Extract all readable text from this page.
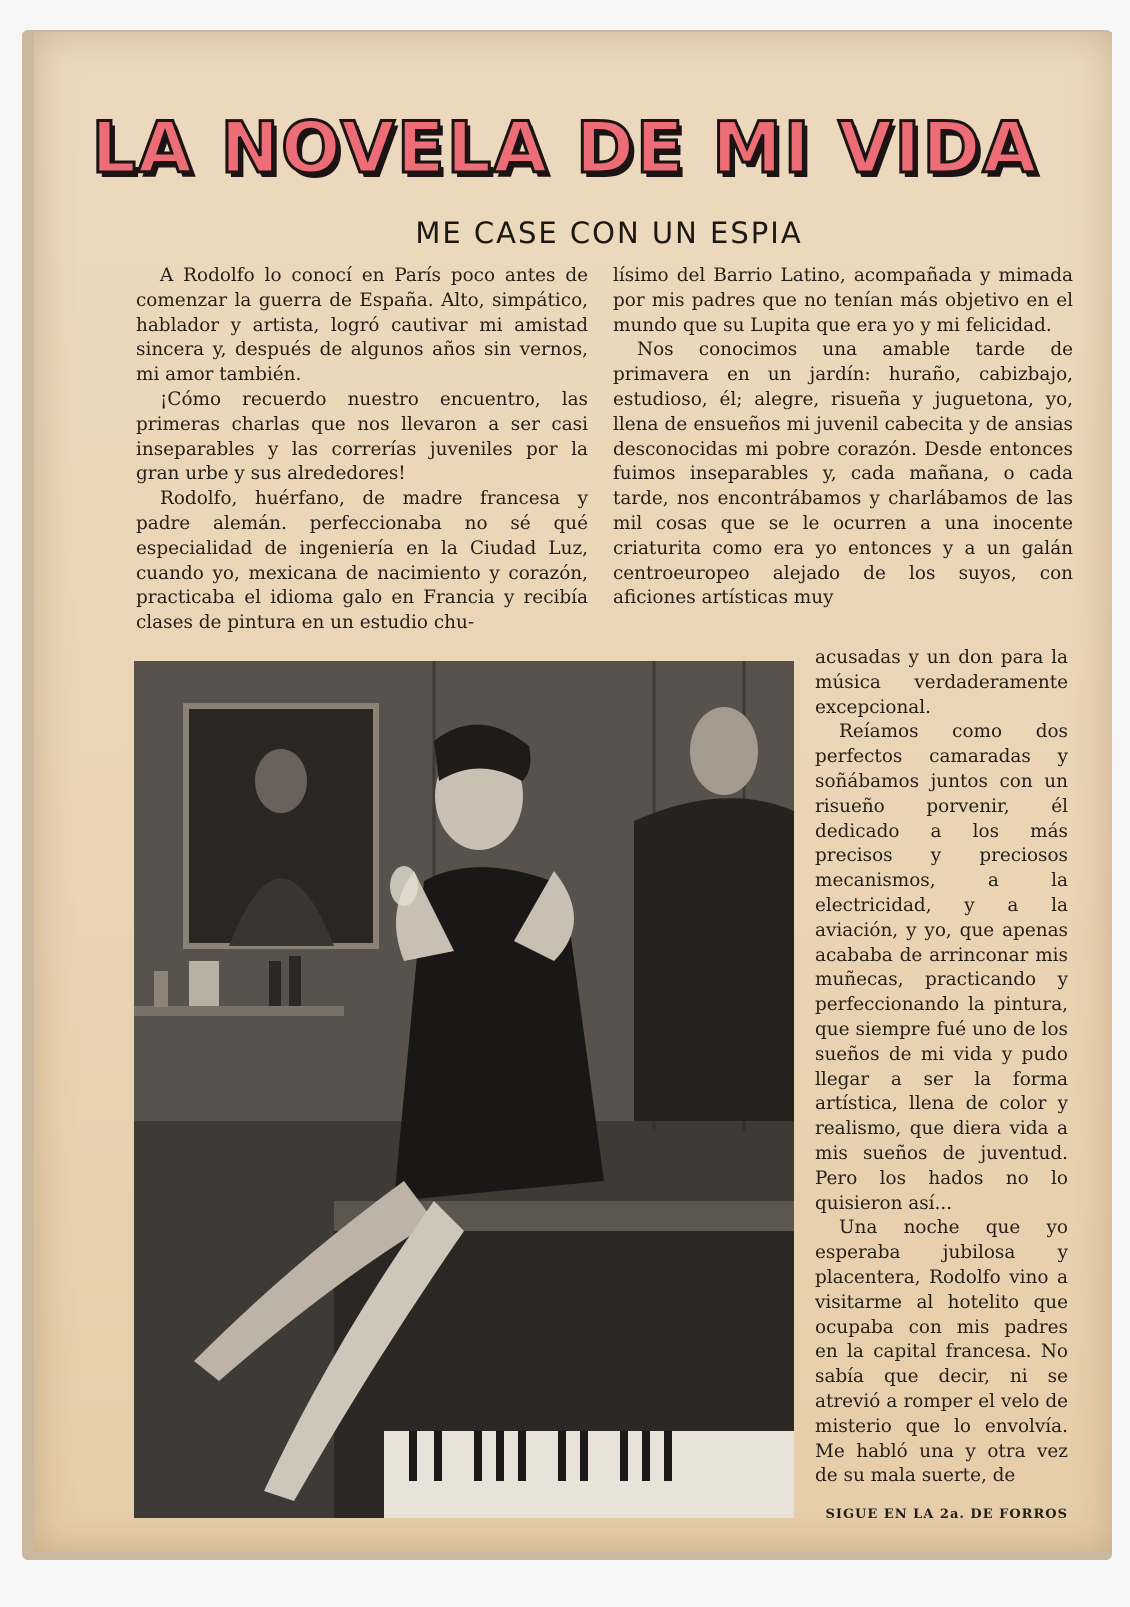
LA NOVELA DE MI VIDA
ME CASE CON UN ESPIA

A Rodolfo lo conocí en París poco antes de comenzar la guerra de España. Alto, simpático, hablador y artista, logró cautivar mi amistad sincera y, después de algunos años sin vernos, mi amor también.

¡Cómo recuerdo nuestro encuentro, las primeras charlas que nos llevaron a ser casi inseparables y las correrías juveniles por la gran urbe y sus alrededores!

Rodolfo, huérfano, de madre francesa y padre alemán. perfeccionaba no sé qué especialidad de ingeniería en la Ciudad Luz, cuando yo, mexicana de nacimiento y corazón, practicaba el idioma galo en Francia y recibía clases de pintura en un estudio chu-

lísimo del Barrio Latino, acompañada y mimada por mis padres que no tenían más objetivo en el mundo que su Lupita que era yo y mi felicidad.

Nos conocimos una amable tarde de primavera en un jardín: huraño, cabizbajo, estudioso, él; alegre, risueña y juguetona, yo, llena de ensueños mi juvenil cabecita y de ansias desconocidas mi pobre corazón. Desde entonces fuimos inseparables y, cada mañana, o cada tarde, nos encontrábamos y charlábamos de las mil cosas que se le ocurren a una inocente criaturita como era yo entonces y a un galán centroeuropeo alejado de los suyos, con aficiones artísticas muy

acusadas y un don para la música verdaderamente excepcional.

Reíamos como dos perfectos camaradas y soñábamos juntos con un risueño porvenir, él dedicado a los más precisos y preciosos mecanismos, a la electricidad, y a la aviación, y yo, que apenas acababa de arrinconar mis muñecas, practicando y perfeccionando la pintura, que siempre fué uno de los sueños de mi vida y pudo llegar a ser la forma artística, llena de color y realismo, que diera vida a mis sueños de juventud. Pero los hados no lo quisieron así...

Una noche que yo esperaba jubilosa y placentera, Rodolfo vino a visitarme al hotelito que ocupaba con mis padres en la capital francesa. No sabía que decir, ni se atrevió a romper el velo de misterio que lo envolvía. Me habló una y otra vez de su mala suerte, de

SIGUE EN LA 2a. DE FORROS
